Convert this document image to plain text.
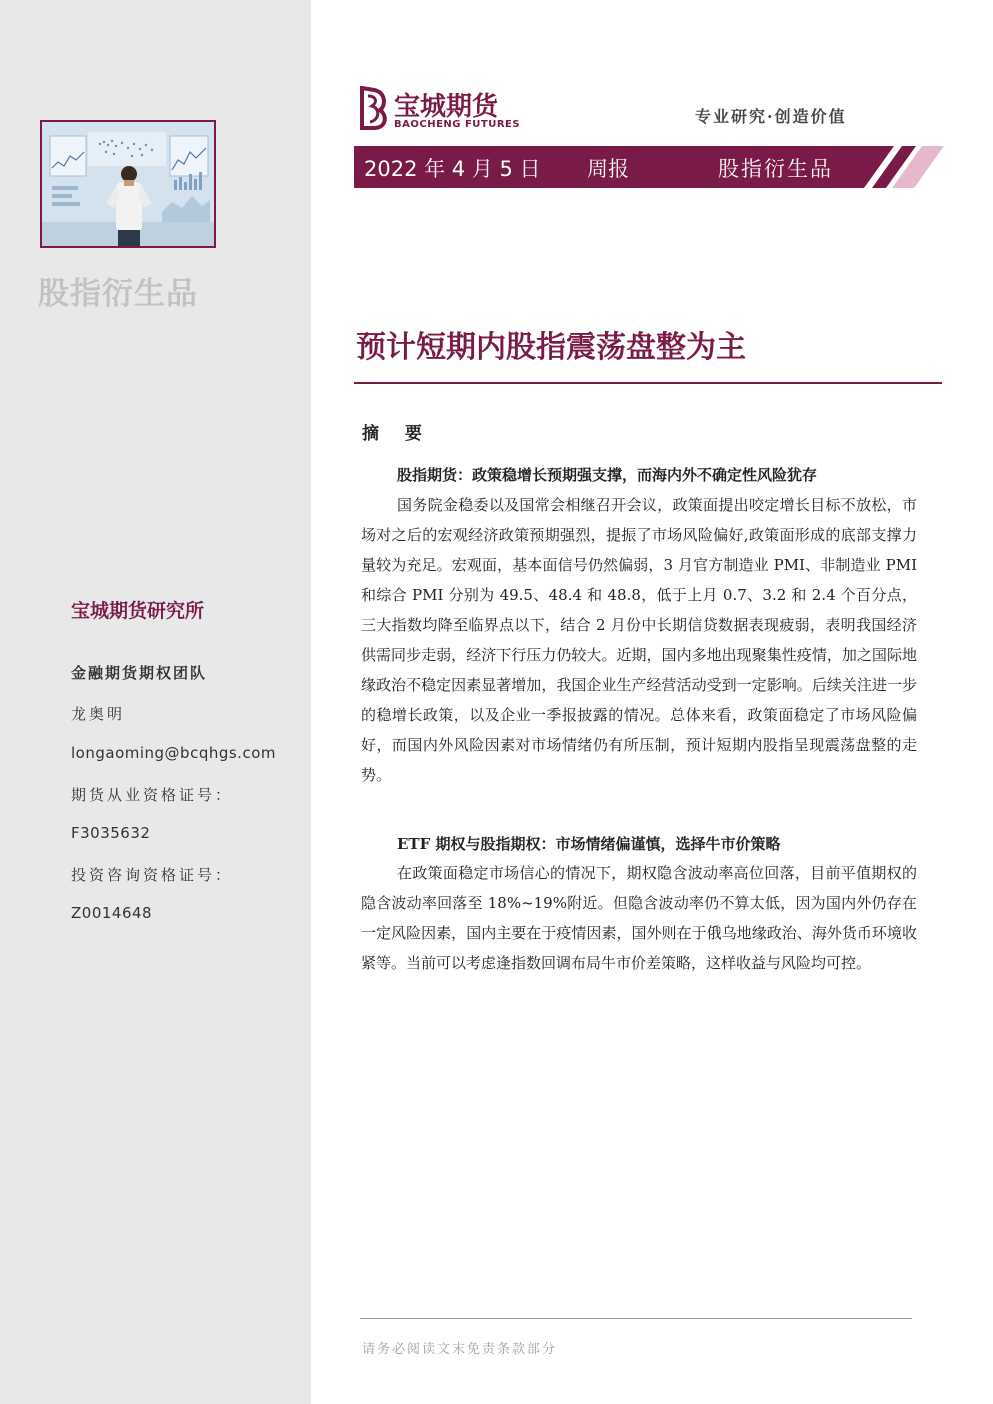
股指衍生品
宝城期货研究所
金融期货期权团队
龙奥明
longaoming@bcqhgs.com
期货从业资格证号：
F3035632
投资咨询资格证号：
Z0014648
宝城期货
BAOCHENG FUTURES	专业研究·创造价值
2022 年 4 月 5 日 周报	股指衍生品
预计短期内股指震荡盘整为主
摘 要
股指期货：政策稳增长预期强支撑，而海内外不确定性风险犹存

国务院金稳委以及国常会相继召开会议，政策面提出咬定增长目标不放松，市场对之后的宏观经济政策预期强烈，提振了市场风险偏好,政策面形成的底部支撑力量较为充足。宏观面，基本面信号仍然偏弱，3 月官方制造业 PMI、非制造业 PMI 和综合 PMI 分别为 49.5、48.4 和 48.8，低于上月 0.7、3.2 和 2.4 个百分点，三大指数均降至临界点以下，结合 2 月份中长期信贷数据表现疲弱，表明我国经济供需同步走弱，经济下行压力仍较大。近期，国内多地出现聚集性疫情，加之国际地缘政治不稳定因素显著增加，我国企业生产经营活动受到一定影响。后续关注进一步的稳增长政策，以及企业一季报披露的情况。总体来看，政策面稳定了市场风险偏好，而国内外风险因素对市场情绪仍有所压制，预计短期内股指呈现震荡盘整的走势。

ETF 期权与股指期权：市场情绪偏谨慎，选择牛市价策略

在政策面稳定市场信心的情况下，期权隐含波动率高位回落，目前平值期权的隐含波动率回落至 18%~19%附近。但隐含波动率仍不算太低，因为国内外仍存在一定风险因素，国内主要在于疫情因素，国外则在于俄乌地缘政治、海外货币环境收紧等。当前可以考虑逢指数回调布局牛市价差策略，这样收益与风险均可控。

请务必阅读文末免责条款部分
